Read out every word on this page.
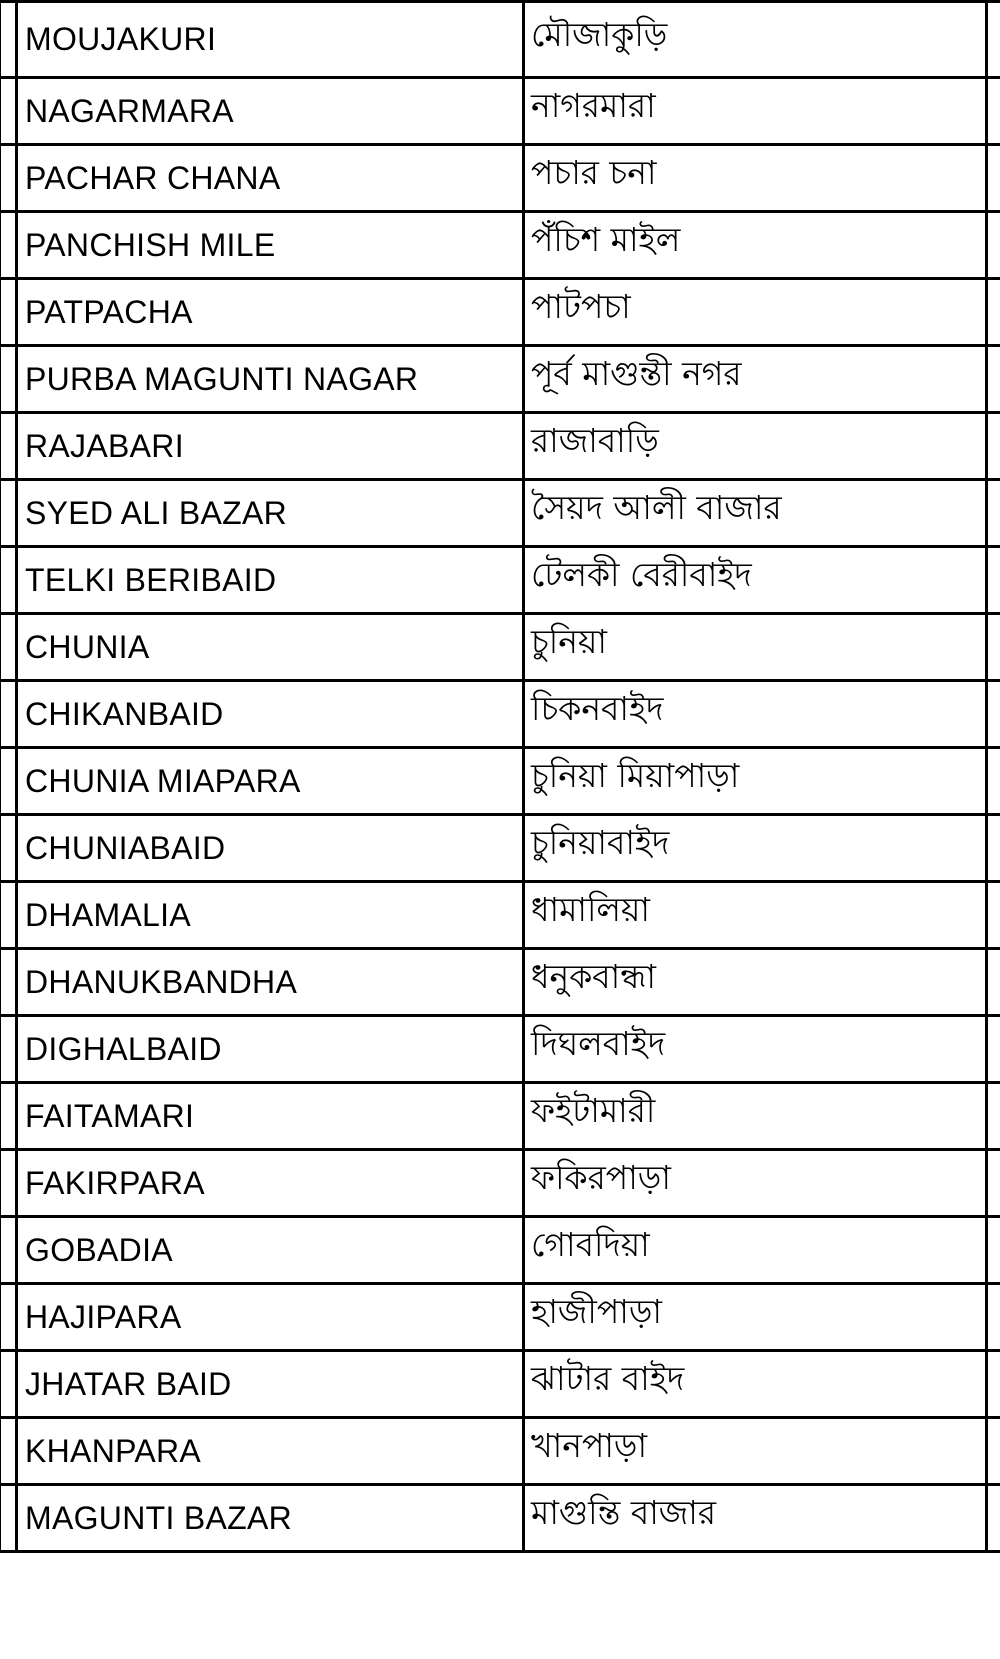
MOUJAKURI	মৌজাকুড়ি
NAGARMARA	নাগরমারা
PACHAR CHANA	পচার চনা
PANCHISH MILE	পঁচিশ মাইল
PATPACHA	পাটপচা
PURBA MAGUNTI NAGAR	পূর্ব মাগুন্তী নগর
RAJABARI	রাজাবাড়ি
SYED ALI BAZAR	সৈয়দ আলী বাজার
TELKI BERIBAID	টেলকী বেরীবাইদ
CHUNIA	চুনিয়া
CHIKANBAID	চিকনবাইদ
CHUNIA MIAPARA	চুনিয়া মিয়াপাড়া
CHUNIABAID	চুনিয়াবাইদ
DHAMALIA	ধামালিয়া
DHANUKBANDHA	ধনুকবান্ধা
DIGHALBAID	দিঘলবাইদ
FAITAMARI	ফইটামারী
FAKIRPARA	ফকিরপাড়া
GOBADIA	গোবদিয়া
HAJIPARA	হাজীপাড়া
JHATAR BAID	ঝাটার বাইদ
KHANPARA	খানপাড়া
MAGUNTI BAZAR	মাগুন্তি বাজার
